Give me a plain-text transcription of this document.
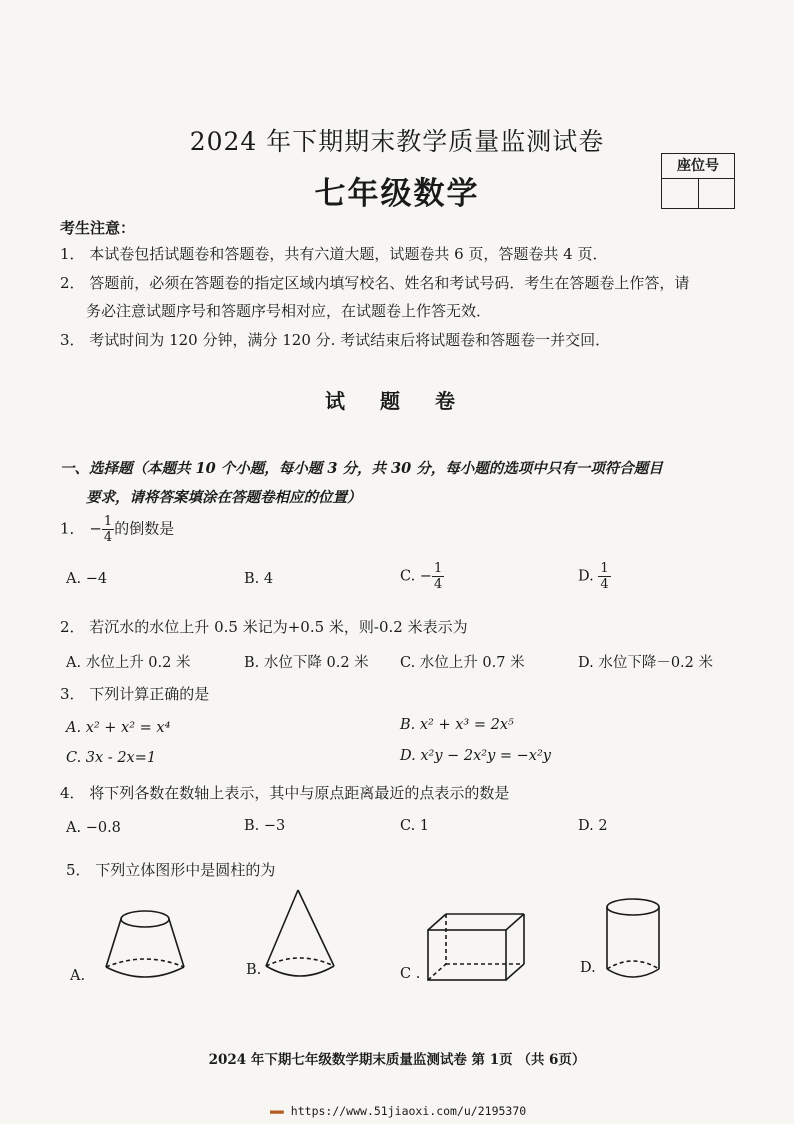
2024 年下期期末教学质量监测试卷
七年级数学
座位号
考生注意：
1． 本试卷包括试题卷和答题卷，共有六道大题，试题卷共 6 页，答题卷共 4 页．
2． 答题前，必须在答题卷的指定区域内填写校名、姓名和考试号码．考生在答题卷上作答，请
务必注意试题序号和答题序号相对应，在试题卷上作答无效．
3． 考试时间为 120 分钟，满分 120 分. 考试结束后将试题卷和答题卷一并交回．
试 题 卷
一、选择题（本题共 10 个小题，每小题 3 分，共 30 分，每小题的选项中只有一项符合题目
要求，请将答案填涂在答题卷相应的位置）
1． − $\frac{1}{4}$ 的倒数是
A. −4	B. 4	C. − $\frac{1}{4}$	D. $\frac{1}{4}$
2． 若沉水的水位上升 0.5 米记为+0.5 米，则-0.2 米表示为
A. 水位上升 0.2 米	B. 水位下降 0.2 米 C. 水位上升 0.7 米	D. 水位下降－0.2 米
3． 下列计算正确的是
A. x² + x² = x⁴	B. x² + x³ = 2x⁵
C. 3x - 2x=1	D. x²y − 2x²y = −x²y
4． 将下列各数在数轴上表示，其中与原点距离最近的点表示的数是
A. −0.8	B. −3	C. 1	D. 2
5． 下列立体图形中是圆柱的为
A.	B.	C .	D.
2024 年下期七年级数学期末质量监测试卷 第 1页 （共 6页）
▬▬ https://www.51jiaoxi.com/u/2195370
